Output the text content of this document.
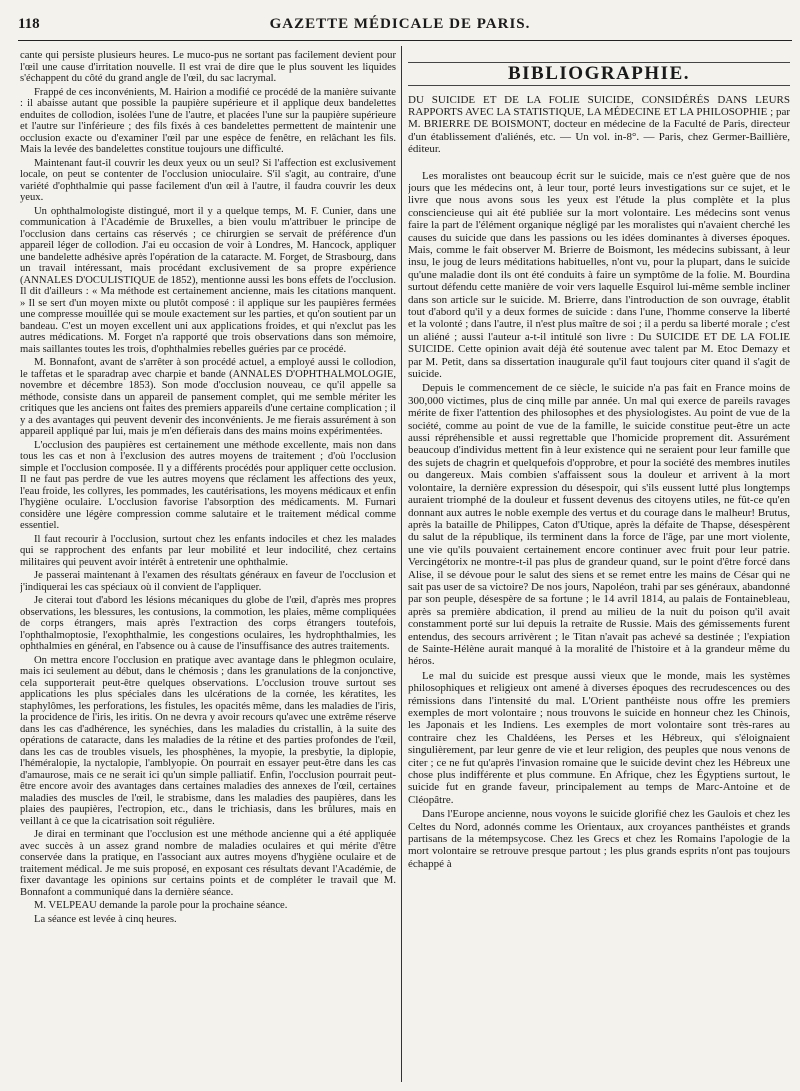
118	GAZETTE MÉDICALE DE PARIS.

cante qui persiste plusieurs heures. Le muco-pus ne sortant pas facilement devient pour l'œil une cause d'irritation nouvelle. Il est vrai de dire que le plus souvent les liquides s'échappent du côté du grand angle de l'œil, du sac lacrymal.

Frappé de ces inconvénients, M. Hairion a modifié ce procédé de la manière suivante : il abaisse autant que possible la paupière supérieure et il applique deux bandelettes enduites de collodion, isolées l'une de l'autre, et placées l'une sur la paupière supérieure et l'autre sur l'inférieure ; des fils fixés à ces bandelettes permettent de maintenir une occlusion exacte ou d'examiner l'œil par une espèce de fenêtre, en relâchant les fils. Mais la levée des bandelettes constitue toujours une difficulté.

Maintenant faut-il couvrir les deux yeux ou un seul? Si l'affection est exclusivement locale, on peut se contenter de l'occlusion unioculaire. S'il s'agit, au contraire, d'une variété d'ophthalmie qui passe facilement d'un œil à l'autre, il faudra couvrir les deux yeux.

Un ophthalmologiste distingué, mort il y a quelque temps, M. F. Cunier, dans une communication à l'Académie de Bruxelles, a bien voulu m'attribuer le principe de l'occlusion dans certains cas réservés ; ce chirurgien se servait de préférence d'un appareil léger de collodion. J'ai eu occasion de voir à Londres, M. Hancock, appliquer une bandelette adhésive après l'opération de la cataracte. M. Forget, de Strasbourg, dans un travail intéressant, mais procédant exclusivement de sa propre expérience (ANNALES D'OCULISTIQUE de 1852), mentionne aussi les bons effets de l'occlusion. Il dit d'ailleurs : « Ma méthode est certainement ancienne, mais les citations manquent. » Il se sert d'un moyen mixte ou plutôt composé : il applique sur les paupières fermées une compresse mouillée qui se moule exactement sur les parties, et qu'on soutient par un bandeau. C'est un moyen excellent uni aux applications froides, et qui n'exclut pas les autres médications. M. Forget n'a rapporté que trois observations dans son mémoire, mais saillantes toutes les trois, d'ophthalmies rebelles guéries par ce procédé.

M. Bonnafont, avant de s'arrêter à son procédé actuel, a employé aussi le collodion, le taffetas et le sparadrap avec charpie et bande (ANNALES D'OPHTHALMOLOGIE, novembre et décembre 1853). Son mode d'occlusion nouveau, ce qu'il appelle sa méthode, consiste dans un appareil de pansement complet, qui me semble mériter les critiques que les anciens ont faites des premiers appareils d'une certaine complication ; il y a des avantages qui peuvent devenir des inconvénients. Je me fierais assurément à son appareil appliqué par lui, mais je m'en défierais dans des mains moins expérimentées.

L'occlusion des paupières est certainement une méthode excellente, mais non dans tous les cas et non à l'exclusion des autres moyens de traitement ; d'où l'occlusion simple et l'occlusion composée. Il y a différents procédés pour appliquer cette occlusion. Il ne faut pas perdre de vue les autres moyens que réclament les affections des yeux, l'eau froide, les collyres, les pommades, les cautérisations, les moyens médicaux et enfin l'hygiène oculaire. L'occlusion favorise l'absorption des médicaments. M. Furnari considère une légère compression comme salutaire et le traitement médical comme essentiel.

Il faut recourir à l'occlusion, surtout chez les enfants indociles et chez les malades qui se rapprochent des enfants par leur mobilité et leur indocilité, chez certains militaires qui peuvent avoir intérêt à entretenir une ophthalmie.

Je passerai maintenant à l'examen des résultats généraux en faveur de l'occlusion et j'indiquerai les cas spéciaux où il convient de l'appliquer.

Je citerai tout d'abord les lésions mécaniques du globe de l'œil, d'après mes propres observations, les blessures, les contusions, la commotion, les plaies, même compliquées de corps étrangers, mais après l'extraction des corps étrangers toutefois, l'ophthalmoptosie, l'exophthalmie, les congestions oculaires, les hydrophthalmies, les ophthalmies en général, en l'absence ou à cause de l'insuffisance des autres traitements.

On mettra encore l'occlusion en pratique avec avantage dans le phlegmon oculaire, mais ici seulement au début, dans le chémosis ; dans les granulations de la conjonctive, cela supporterait peut-être quelques observations. L'occlusion trouve surtout ses applications les plus spéciales dans les ulcérations de la cornée, les kératites, les staphylômes, les perforations, les fistules, les opacités même, dans les maladies de l'iris, la procidence de l'iris, les iritis. On ne devra y avoir recours qu'avec une extrême réserve dans les cas d'adhérence, les synéchies, dans les maladies du cristallin, à la suite des opérations de cataracte, dans les maladies de la rétine et des parties profondes de l'œil, dans les cas de troubles visuels, les phosphènes, la myopie, la presbytie, la diplopie, l'héméralopie, la nyctalopie, l'amblyopie. On pourrait en essayer peut-être dans les cas d'amaurose, mais ce ne serait ici qu'un simple palliatif. Enfin, l'occlusion pourrait peut-être encore avoir des avantages dans certaines maladies des annexes de l'œil, certaines maladies des muscles de l'œil, le strabisme, dans les maladies des paupières, dans les plaies des paupières, l'ectropion, etc., dans le trichiasis, dans les brûlures, mais en veillant à ce que la cicatrisation soit régulière.

Je dirai en terminant que l'occlusion est une méthode ancienne qui a été appliquée avec succès à un assez grand nombre de maladies oculaires et qui mérite d'être conservée dans la pratique, en l'associant aux autres moyens d'hygiène oculaire et de traitement médical. Je me suis proposé, en exposant ces résultats devant l'Académie, de fixer davantage les opinions sur certains points et de compléter le travail que M. Bonnafont a communiqué dans la dernière séance.

M. VELPEAU demande la parole pour la prochaine séance.

La séance est levée à cinq heures.

BIBLIOGRAPHIE.

DU SUICIDE ET DE LA FOLIE SUICIDE, CONSIDÉRÉS DANS LEURS RAPPORTS AVEC LA STATISTIQUE, LA MÉDECINE ET LA PHILOSOPHIE ; par M. BRIERRE DE BOISMONT, docteur en médecine de la Faculté de Paris, directeur d'un établissement d'aliénés, etc. — Un vol. in-8°. — Paris, chez Germer-Baillière, éditeur.

Les moralistes ont beaucoup écrit sur le suicide, mais ce n'est guère que de nos jours que les médecins ont, à leur tour, porté leurs investigations sur ce sujet, et le livre que nous avons sous les yeux est l'étude la plus complète et la plus consciencieuse qui ait été publiée sur la mort volontaire. Les médecins sont venus faire la part de l'élément organique négligé par les moralistes qui n'avaient cherché les causes du suicide que dans les passions ou les idées dominantes à diverses époques. Mais, comme le fait observer M. Brierre de Boismont, les médecins subissant, à leur insu, le joug de leurs méditations habituelles, n'ont vu, pour la plupart, dans le suicide qu'une maladie dont ils ont été conduits à faire un symptôme de la folie. M. Bourdina surtout défendu cette manière de voir vers laquelle Esquirol lui-même semble incliner dans son article sur le suicide. M. Brierre, dans l'introduction de son ouvrage, établit tout d'abord qu'il y a deux formes de suicide : dans l'une, l'homme conserve la liberté et la volonté ; dans l'autre, il n'est plus maître de soi ; il a perdu sa liberté morale ; c'est un aliéné ; aussi l'auteur a-t-il intitulé son livre : Du SUICIDE ET DE LA FOLIE SUICIDE. Cette opinion avait déjà été soutenue avec talent par M. Etoc Demazy et par M. Petit, dans sa dissertation inaugurale qu'il faut toujours citer quand il s'agit de suicide.

Depuis le commencement de ce siècle, le suicide n'a pas fait en France moins de 300,000 victimes, plus de cinq mille par année. Un mal qui exerce de pareils ravages mérite de fixer l'attention des philosophes et des physiologistes. Au point de vue de la société, comme au point de vue de la famille, le suicide constitue peut-être un acte aussi répréhensible et aussi regrettable que l'homicide proprement dit. Assurément beaucoup d'individus mettent fin à leur existence qui ne seraient pour leur famille que des sujets de chagrin et quelquefois d'opprobre, et pour la société des membres inutiles ou dangereux. Mais combien s'affaissent sous la douleur et arrivent à la mort volontaire, la dernière expression du désespoir, qui s'ils eussent lutté plus longtemps auraient triomphé de la douleur et fussent devenus des citoyens utiles, ne fût-ce qu'en donnant aux autres le noble exemple des vertus et du courage dans le malheur! Brutus, après la bataille de Philippes, Caton d'Utique, après la défaite de Thapse, désespèrent du salut de la république, ils terminent dans la force de l'âge, par une mort violente, une vie qu'ils pouvaient certainement encore continuer avec fruit pour leur patrie. Vercingétorix ne montre-t-il pas plus de grandeur quand, sur le point d'être forcé dans Alise, il se dévoue pour le salut des siens et se remet entre les mains de César qui ne sait pas user de sa victoire? De nos jours, Napoléon, trahi par ses généraux, abandonné par son peuple, désespère de sa fortune ; le 14 avril 1814, au palais de Fontainebleau, après sa première abdication, il prend au milieu de la nuit du poison qu'il avait constamment porté sur lui depuis la retraite de Russie. Mais des gémissements furent entendus, des secours arrivèrent ; le Titan n'avait pas achevé sa destinée ; l'expiation de Sainte-Hélène aurait manqué à la moralité de l'histoire et à la grandeur même du héros.

Le mal du suicide est presque aussi vieux que le monde, mais les systèmes philosophiques et religieux ont amené à diverses époques des recrudescences ou des rémissions dans l'intensité du mal. L'Orient panthéiste nous offre les premiers exemples de mort volontaire ; nous trouvons le suicide en honneur chez les Chinois, les Japonais et les Indiens. Les exemples de mort volontaire sont très-rares au contraire chez les Chaldéens, les Perses et les Hébreux, qui s'éloignaient singulièrement, par leur genre de vie et leur religion, des peuples que nous venons de citer ; ce ne fut qu'après l'invasion romaine que le suicide devint chez les Hébreux une chose plus indifférente et plus commune. En Afrique, chez les Égyptiens surtout, le suicide fut en grande faveur, principalement au temps de Marc-Antoine et de Cléopâtre.

Dans l'Europe ancienne, nous voyons le suicide glorifié chez les Gaulois et chez les Celtes du Nord, adonnés comme les Orientaux, aux croyances panthéistes et grands partisans de la métempsycose. Chez les Grecs et chez les Romains l'apologie de la mort volontaire se retrouve presque partout ; les plus grands esprits n'ont pas toujours échappé à
